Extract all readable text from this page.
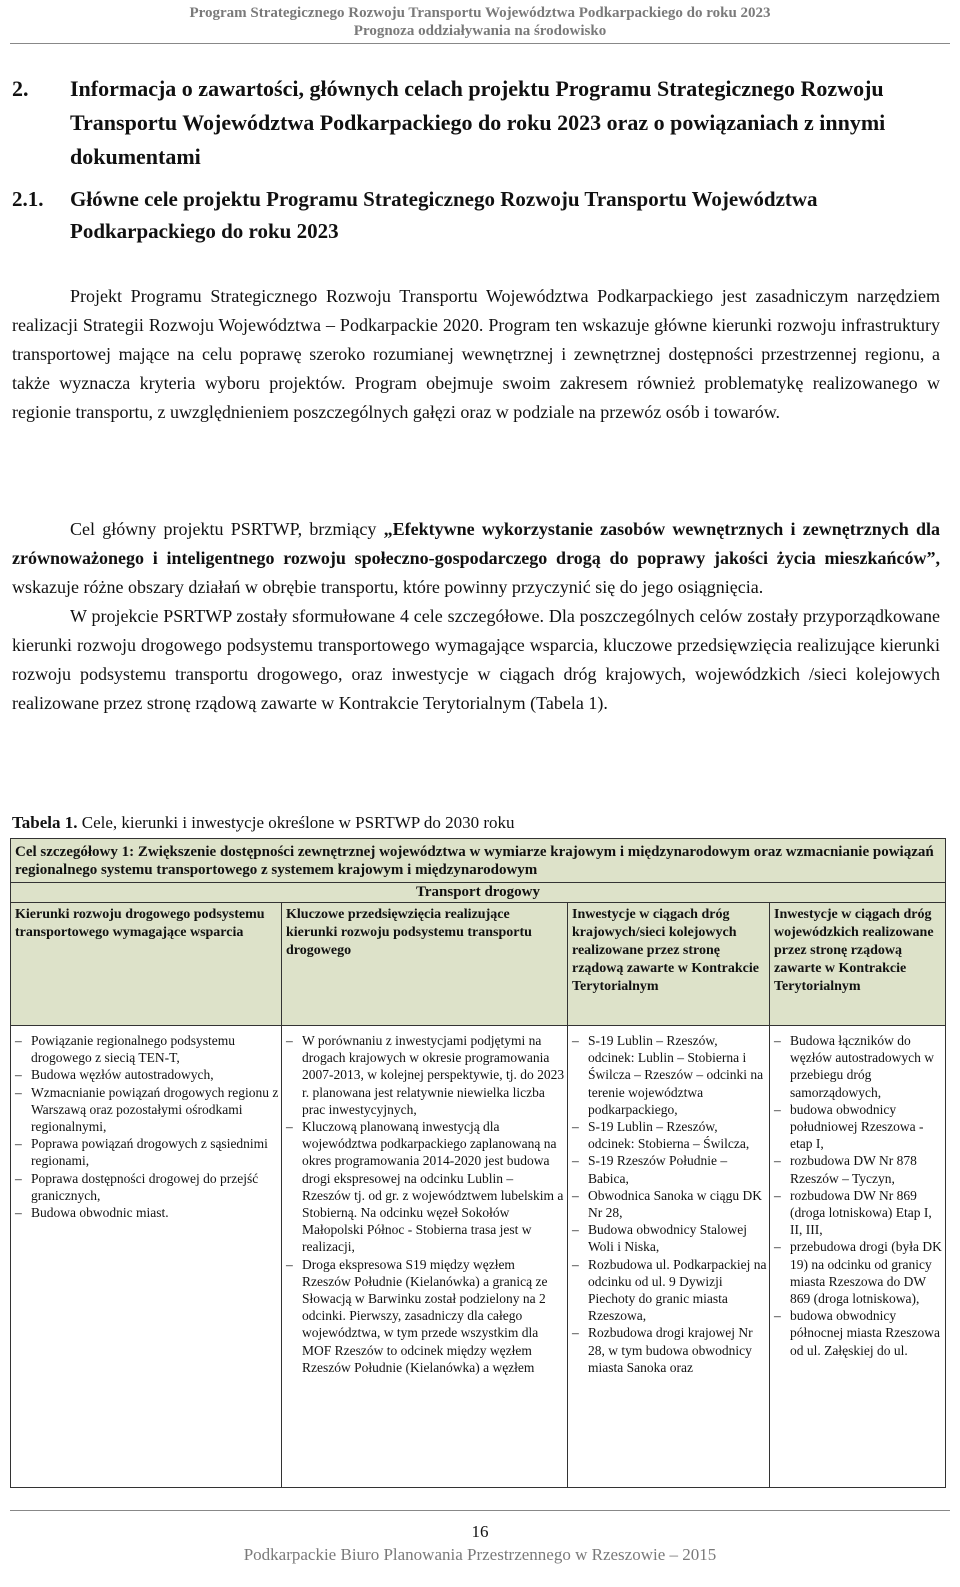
Program Strategicznego Rozwoju Transportu Województwa Podkarpackiego do roku 2023
Prognoza oddziaływania na środowisko
2. Informacja o zawartości, głównych celach projektu Programu Strategicznego Rozwoju Transportu Województwa Podkarpackiego do roku 2023 oraz o powiązaniach z innymi dokumentami
2.1. Główne cele projektu Programu Strategicznego Rozwoju Transportu Województwa Podkarpackiego do roku 2023
Projekt Programu Strategicznego Rozwoju Transportu Województwa Podkarpackiego jest zasadniczym narzędziem realizacji Strategii Rozwoju Województwa – Podkarpackie 2020. Program ten wskazuje główne kierunki rozwoju infrastruktury transportowej mające na celu poprawę szeroko rozumianej wewnętrznej i zewnętrznej dostępności przestrzennej regionu, a także wyznacza kryteria wyboru projektów. Program obejmuje swoim zakresem również problematykę realizowanego w regionie transportu, z uwzględnieniem poszczególnych gałęzi oraz w podziale na przewóz osób i towarów.
Cel główny projektu PSRTWP, brzmiący „Efektywne wykorzystanie zasobów wewnętrznych i zewnętrznych dla zrównoważonego i inteligentnego rozwoju społeczno-gospodarczego drogą do poprawy jakości życia mieszkańców”, wskazuje różne obszary działań w obrębie transportu, które powinny przyczynić się do jego osiągnięcia.
W projekcie PSRTWP zostały sformułowane 4 cele szczegółowe. Dla poszczególnych celów zostały przyporządkowane kierunki rozwoju drogowego podsystemu transportowego wymagające wsparcia, kluczowe przedsięwzięcia realizujące kierunki rozwoju podsystemu transportu drogowego, oraz inwestycje w ciągach dróg krajowych, wojewódzkich /sieci kolejowych realizowane przez stronę rządową zawarte w Kontrakcie Terytorialnym (Tabela 1).
Tabela 1. Cele, kierunki i inwestycje określone w PSRTWP do 2030 roku
Cel szczegółowy 1: Zwiększenie dostępności zewnętrznej województwa w wymiarze krajowym i międzynarodowym oraz wzmacnianie powiązań regionalnego systemu transportowego z systemem krajowym i międzynarodowym
Transport drogowy
Kierunki rozwoju drogowego podsystemu transportowego wymagające wsparcia
Kluczowe przedsięwzięcia realizujące kierunki rozwoju podsystemu transportu drogowego
Inwestycje w ciągach dróg krajowych/sieci kolejowych realizowane przez stronę rządową zawarte w Kontrakcie Terytorialnym
Inwestycje w ciągach dróg wojewódzkich realizowane przez stronę rządową zawarte w Kontrakcie Terytorialnym
– Powiązanie regionalnego podsystemu drogowego z siecią TEN-T,
– Budowa węzłów autostradowych,
– Wzmacnianie powiązań drogowych regionu z Warszawą oraz pozostałymi ośrodkami regionalnymi,
– Poprawa powiązań drogowych z sąsiednimi regionami,
– Poprawa dostępności drogowej do przejść granicznych,
– Budowa obwodnic miast.
– W porównaniu z inwestycjami podjętymi na drogach krajowych w okresie programowania 2007-2013, w kolejnej perspektywie, tj. do 2023 r. planowana jest relatywnie niewielka liczba prac inwestycyjnych,
– Kluczową planowaną inwestycją dla województwa podkarpackiego zaplanowaną na okres programowania 2014-2020 jest budowa drogi ekspresowej na odcinku Lublin – Rzeszów tj. od gr. z województwem lubelskim a Stobierną. Na odcinku węzeł Sokołów Małopolski Północ - Stobierna trasa jest w realizacji,
– Droga ekspresowa S19 między węzłem Rzeszów Południe (Kielanówka) a granicą ze Słowacją w Barwinku został podzielony na 2 odcinki. Pierwszy, zasadniczy dla całego województwa, w tym przede wszystkim dla MOF Rzeszów to odcinek między węzłem Rzeszów Południe (Kielanówka) a węzłem
– S-19 Lublin – Rzeszów, odcinek: Lublin – Stobierna i Świlcza – Rzeszów – odcinki na terenie województwa podkarpackiego,
– S-19 Lublin – Rzeszów, odcinek: Stobierna – Świlcza,
– S-19 Rzeszów Południe – Babica,
– Obwodnica Sanoka w ciągu DK Nr 28,
– Budowa obwodnicy Stalowej Woli i Niska,
– Rozbudowa ul. Podkarpackiej na odcinku od ul. 9 Dywizji Piechoty do granic miasta Rzeszowa,
– Rozbudowa drogi krajowej Nr 28, w tym budowa obwodnicy miasta Sanoka oraz
– Budowa łączników do węzłów autostradowych w przebiegu dróg samorządowych,
– budowa obwodnicy południowej Rzeszowa - etap I,
– rozbudowa DW Nr 878 Rzeszów – Tyczyn,
– rozbudowa DW Nr 869 (droga lotniskowa) Etap I, II, III,
– przebudowa drogi (była DK 19) na odcinku od granicy miasta Rzeszowa do DW 869 (droga lotniskowa),
– budowa obwodnicy północnej miasta Rzeszowa od ul. Załęskiej do ul.
16
Podkarpackie Biuro Planowania Przestrzennego w Rzeszowie – 2015
